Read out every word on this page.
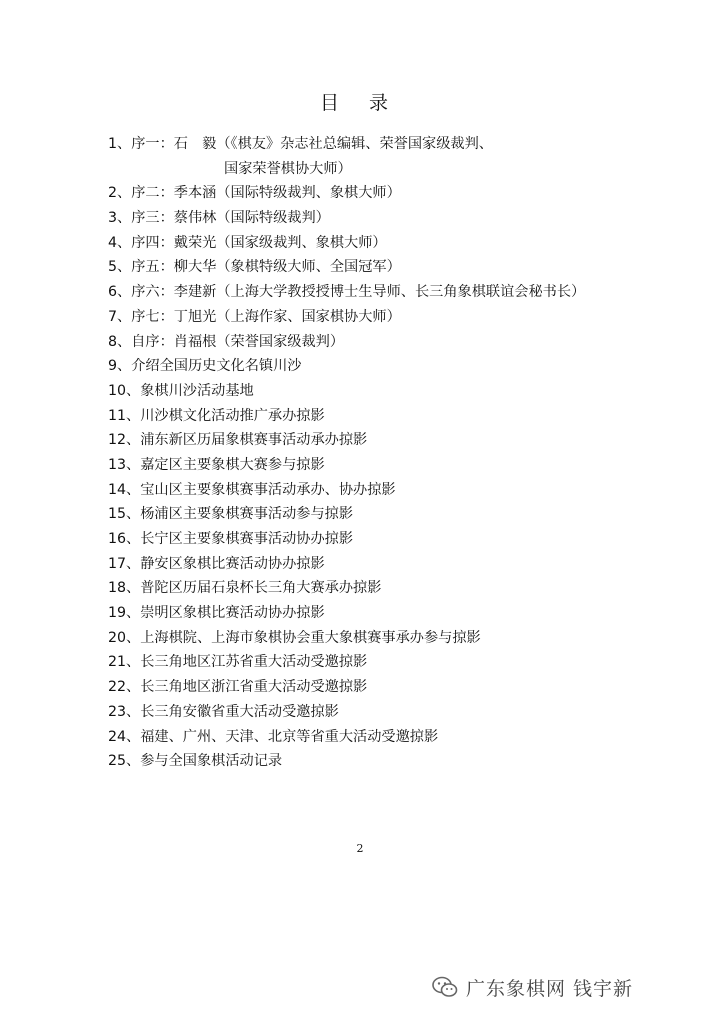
目 录
1、序一：石　毅（《棋友》杂志社总编辑、荣誉国家级裁判、
国家荣誉棋协大师）
2、序二：季本涵（国际特级裁判、象棋大师）
3、序三：蔡伟林（国际特级裁判）
4、序四：戴荣光（国家级裁判、象棋大师）
5、序五：柳大华（象棋特级大师、全国冠军）
6、序六：李建新（上海大学教授授博士生导师、长三角象棋联谊会秘书长）
7、序七：丁旭光（上海作家、国家棋协大师）
8、自序：肖福根（荣誉国家级裁判）
9、介绍全国历史文化名镇川沙
10、象棋川沙活动基地
11、川沙棋文化活动推广承办掠影
12、浦东新区历届象棋赛事活动承办掠影
13、嘉定区主要象棋大赛参与掠影
14、宝山区主要象棋赛事活动承办、协办掠影
15、杨浦区主要象棋赛事活动参与掠影
16、长宁区主要象棋赛事活动协办掠影
17、静安区象棋比赛活动协办掠影
18、普陀区历届石泉杯长三角大赛承办掠影
19、崇明区象棋比赛活动协办掠影
20、上海棋院、上海市象棋协会重大象棋赛事承办参与掠影
21、长三角地区江苏省重大活动受邀掠影
22、长三角地区浙江省重大活动受邀掠影
23、长三角安徽省重大活动受邀掠影
24、福建、广州、天津、北京等省重大活动受邀掠影
25、参与全国象棋活动记录
2
广东象棋网 钱宇新
